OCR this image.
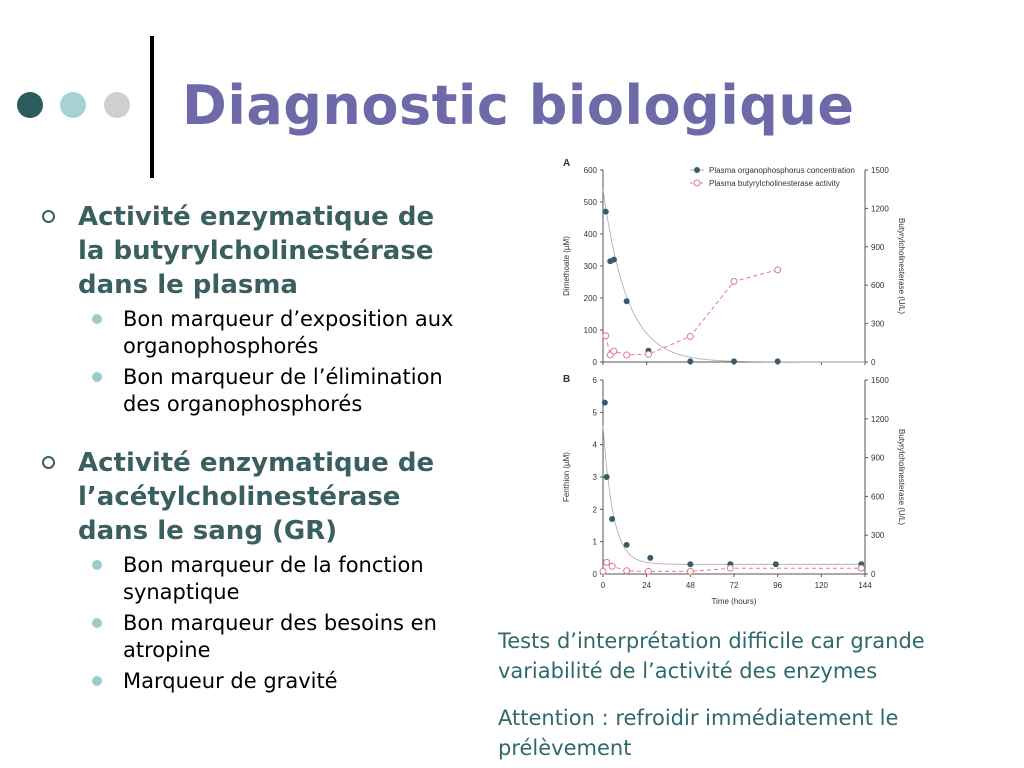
Diagnostic biologique
Activité enzymatique de
la butyrylcholinestérase
dans le plasma
Bon marqueur d’exposition aux
organophosphorés
Bon marqueur de l’élimination
des organophosphorés
Activité enzymatique de
l’acétylcholinestérase
dans le sang (GR)
Bon marqueur de la fonction
synaptique
Bon marqueur des besoins en
atropine
Marqueur de gravité
A
0
100
200
300
400
500
600
0
300
600
900
1200
1500
Dimethoate (µM)	Butyrylcholinesterase (U/L)
Plasma organophosphorus concentration
Plasma butyrylcholinesterase activity
B
0
1
2
3
4
5
6
0
300
600
900
1200
1500
0	24	48	72	96	120	144
Fenthion (µM)	Butyrylcholinesterase (U/L)
Time (hours)
Tests d’interprétation difficile car grande
variabilité de l’activité des enzymes
Attention : refroidir immédiatement le
prélèvement
